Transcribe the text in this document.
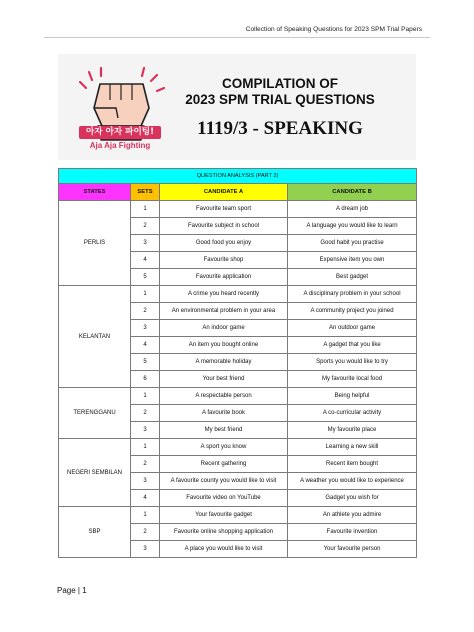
Collection of Speaking Questions for 2023 SPM Trial Papers
아자 아자 파이팅!
Aja Aja Fighting
COMPILATION OF
2023 SPM TRIAL QUESTIONS
1119/3 - SPEAKING
QUESTION ANALYSIS (PART 2)			
STATES	SETS	CANDIDATE A	CANDIDATE B
PERLIS	1	Favourite team sport	A dream job
	2	Favourite subject in school	A language you would like to learn
	3	Good food you enjoy	Good habit you practise
	4	Favourite shop	Expensive item you own
	5	Favourite application	Best gadget
KELANTAN	1	A crime you heard recently	A disciplinary problem in your school
	2	An environmental problem in your area	A community project you joined
	3	An indoor game	An outdoor game
	4	An item you bought online	A gadget that you like
	5	A memorable holiday	Sports you would like to try
	6	Your best friend	My favourite local food
TERENGGANU	1	A respectable person	Being helpful
	2	A favourite book	A co-curricular activity
	3	My best friend	My favourite place
NEGERI SEMBILAN	1	A sport you know	Learning a new skill
	2	Recent gathering	Recent item bought
	3	A favourite county you would like to visit	A weather you would like to experience
	4	Favourite video on YouTube	Gadget you wish for
SBP	1	Your favourite gadget	An athlete you admire
	2	Favourite online shopping application	Favourite invention
	3	A place you would like to visit	Your favourite person
Page | 1
